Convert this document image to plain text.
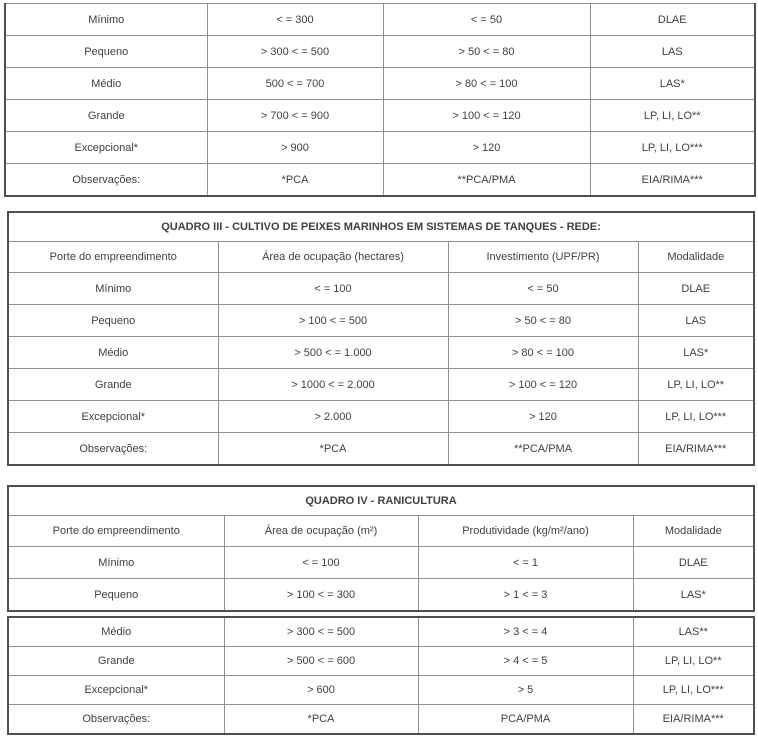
Mínimo	< = 300	< = 50	DLAE
Pequeno	> 300 < = 500	> 50 < = 80	LAS
Médio	500 < = 700	> 80 < = 100	LAS*
Grande	> 700 < = 900	> 100 < = 120	LP, LI, LO**
Excepcional*	> 900	> 120	LP, LI, LO***
Observações:	*PCA	**PCA/PMA	EIA/RIMA***
QUADRO III - CULTIVO DE PEIXES MARINHOS EM SISTEMAS DE TANQUES - REDE:			
Porte do empreendimento	Área de ocupação (hectares)	Investimento (UPF/PR)	Modalidade
Mínimo	< = 100	< = 50	DLAE
Pequeno	> 100 < = 500	> 50 < = 80	LAS
Médio	> 500 < = 1.000	> 80 < = 100	LAS*
Grande	> 1000 < = 2.000	> 100 < = 120	LP, LI, LO**
Excepcional*	> 2.000	> 120	LP, LI, LO***
Observações:	*PCA	**PCA/PMA	EIA/RIMA***
QUADRO IV - RANICULTURA			
Porte do empreendimento	Área de ocupação (m²)	Produtividade (kg/m²/ano)	Modalidade
Mínimo	< = 100	< = 1	DLAE
Pequeno	> 100 < = 300	> 1 < = 3	LAS*
Médio	> 300 < = 500	> 3 < = 4	LAS**
Grande	> 500 < = 600	> 4 < = 5	LP, LI, LO**
Excepcional*	> 600	> 5	LP, LI, LO***
Observações:	*PCA	PCA/PMA	EIA/RIMA***
